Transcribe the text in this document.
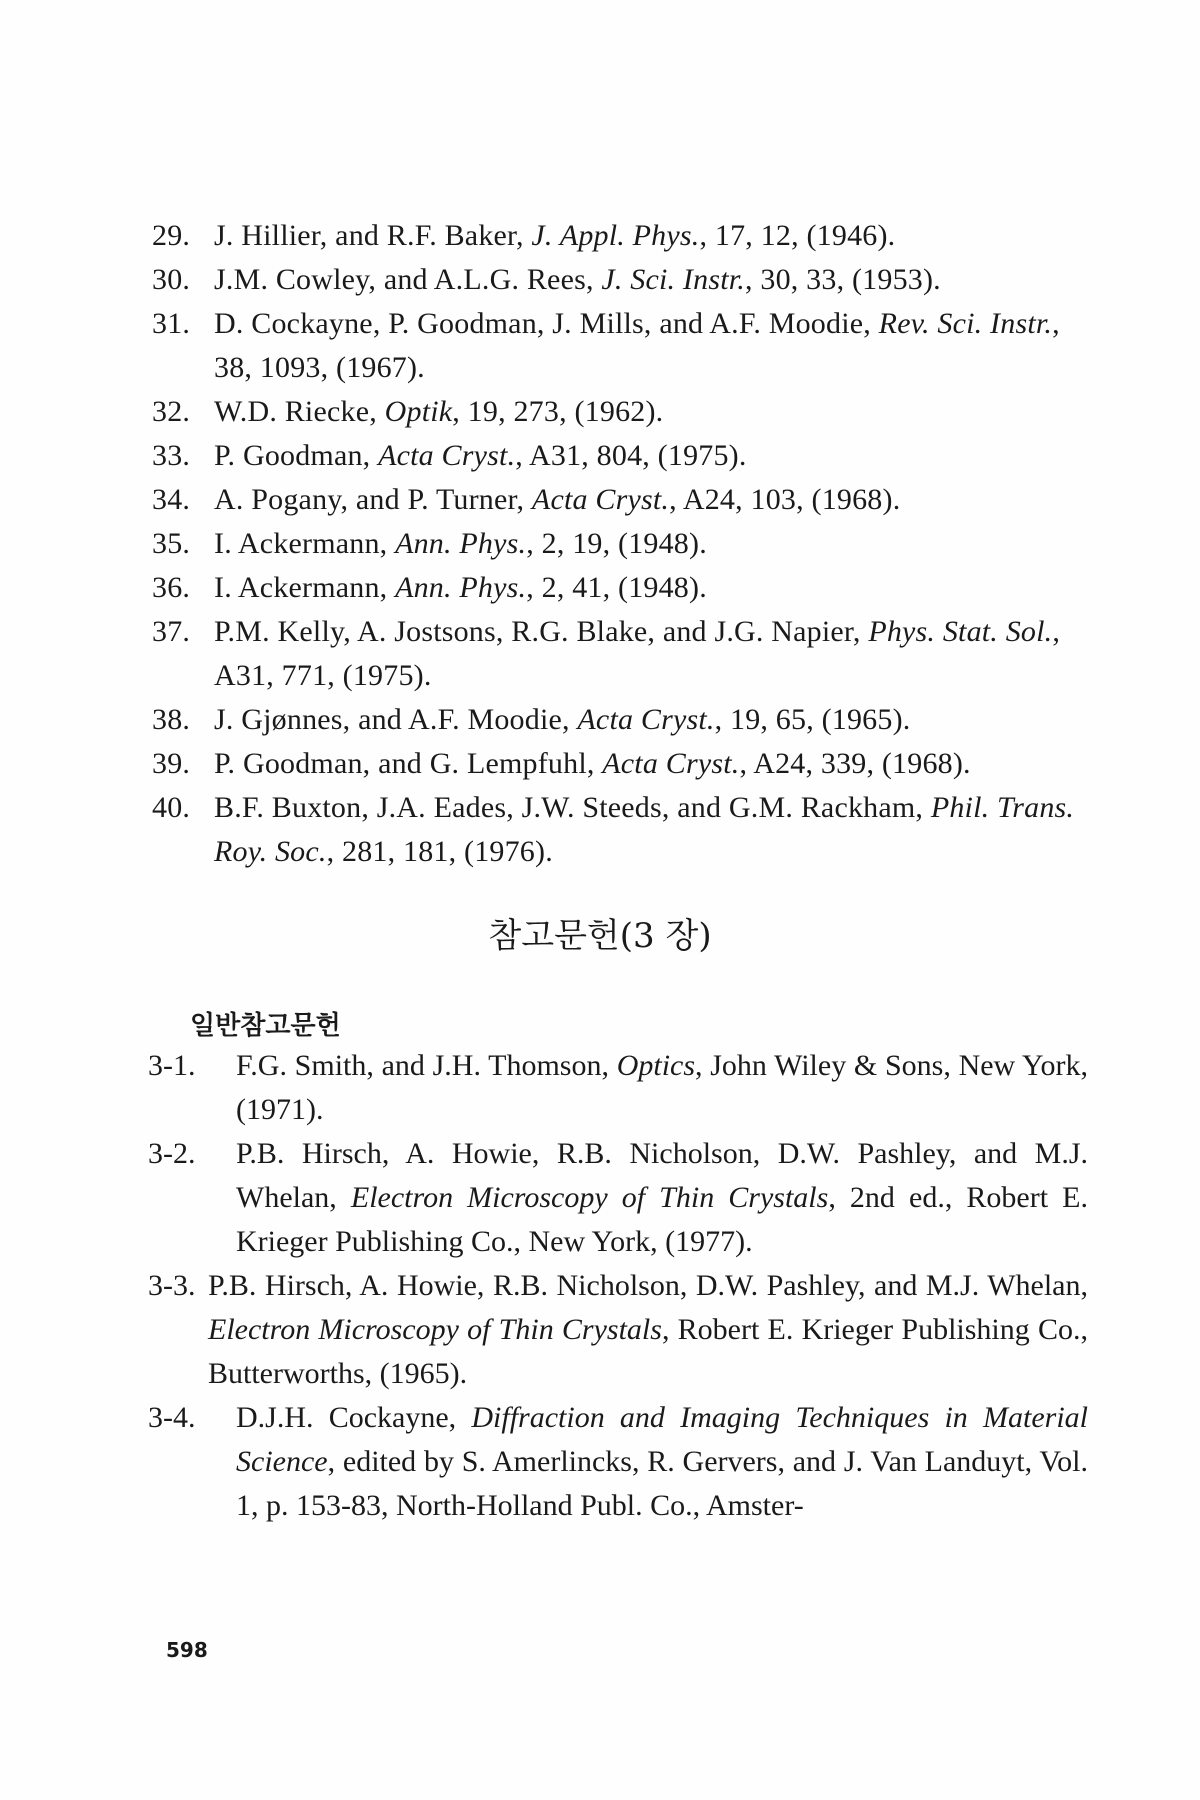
29. J. Hillier, and R.F. Baker, J. Appl. Phys., 17, 12, (1946).
30. J.M. Cowley, and A.L.G. Rees, J. Sci. Instr., 30, 33, (1953).
31. D. Cockayne, P. Goodman, J. Mills, and A.F. Moodie, Rev. Sci. Instr., 38, 1093, (1967).
32. W.D. Riecke, Optik, 19, 273, (1962).
33. P. Goodman, Acta Cryst., A31, 804, (1975).
34. A. Pogany, and P. Turner, Acta Cryst., A24, 103, (1968).
35. I. Ackermann, Ann. Phys., 2, 19, (1948).
36. I. Ackermann, Ann. Phys., 2, 41, (1948).
37. P.M. Kelly, A. Jostsons, R.G. Blake, and J.G. Napier, Phys. Stat. Sol., A31, 771, (1975).
38. J. Gjønnes, and A.F. Moodie, Acta Cryst., 19, 65, (1965).
39. P. Goodman, and G. Lempfuhl, Acta Cryst., A24, 339, (1968).
40. B.F. Buxton, J.A. Eades, J.W. Steeds, and G.M. Rackham, Phil. Trans. Roy. Soc., 281, 181, (1976).
참고문헌(3 장)
일반참고문헌
3-1. F.G. Smith, and J.H. Thomson, Optics, John Wiley & Sons, New York, (1971).
3-2. P.B. Hirsch, A. Howie, R.B. Nicholson, D.W. Pashley, and M.J. Whelan, Electron Microscopy of Thin Crystals, 2nd ed., Robert E. Krieger Publishing Co., New York, (1977).
3-3. P.B. Hirsch, A. Howie, R.B. Nicholson, D.W. Pashley, and M.J. Whelan, Electron Microscopy of Thin Crystals, Robert E. Krieger Publishing Co., Butterworths, (1965).
3-4. D.J.H. Cockayne, Diffraction and Imaging Techniques in Material Science, edited by S. Amerlincks, R. Gervers, and J. Van Landuyt, Vol. 1, p. 153-83, North-Holland Publ. Co., Amster-
598
